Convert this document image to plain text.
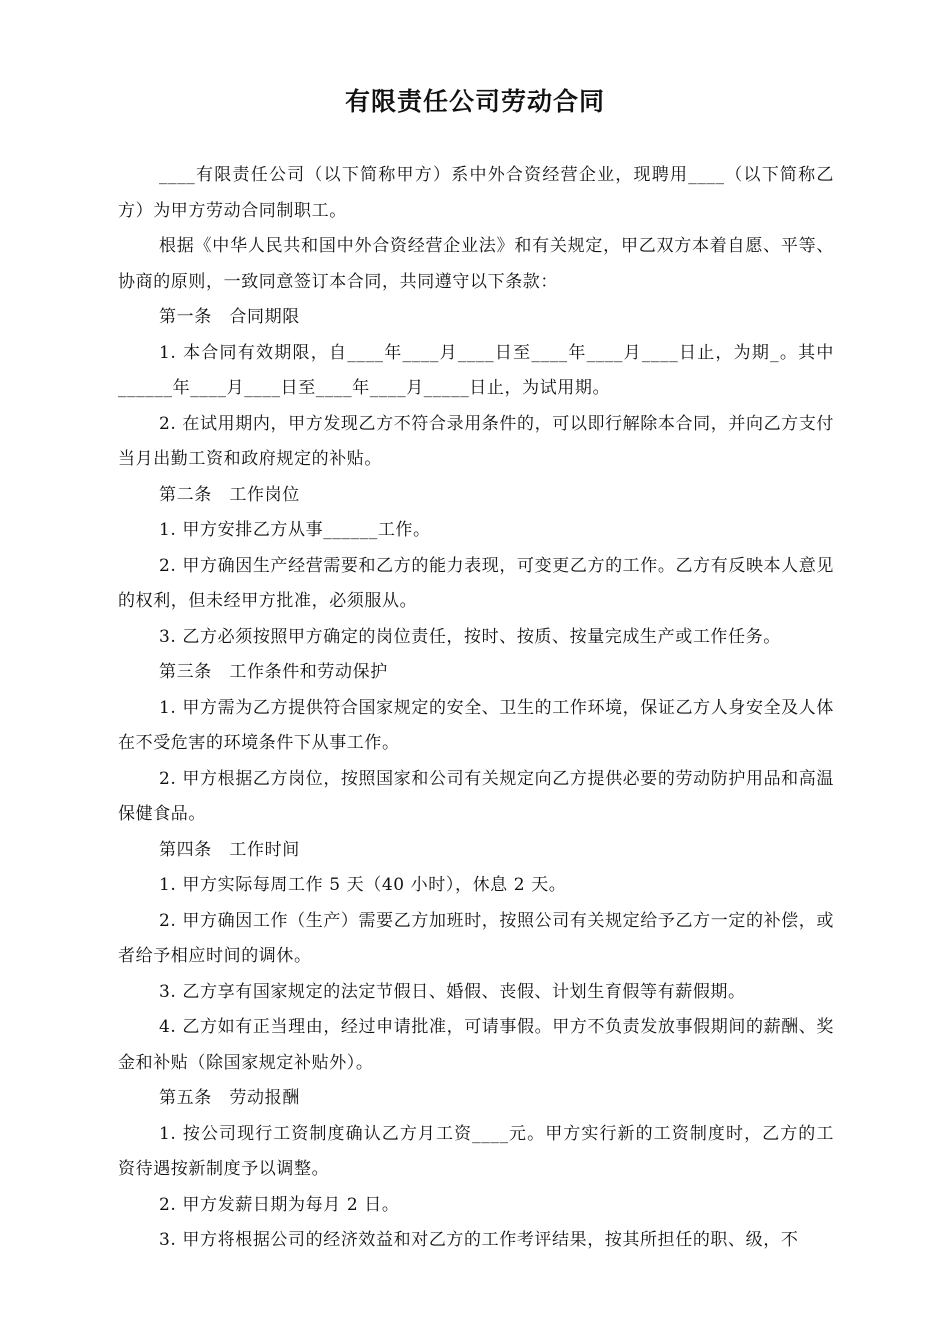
有限责任公司劳动合同

____有限责任公司（以下简称甲方）系中外合资经营企业，现聘用____（以下简称乙方）为甲方劳动合同制职工。

根据《中华人民共和国中外合资经营企业法》和有关规定，甲乙双方本着自愿、平等、协商的原则，一致同意签订本合同，共同遵守以下条款：

第一条　合同期限

1. 本合同有效期限，自____年____月____日至____年____月____日止，为期_。其中______年____月____日至____年____月_____日止，为试用期。

2. 在试用期内，甲方发现乙方不符合录用条件的，可以即行解除本合同，并向乙方支付当月出勤工资和政府规定的补贴。

第二条　工作岗位

1. 甲方安排乙方从事______工作。

2. 甲方确因生产经营需要和乙方的能力表现，可变更乙方的工作。乙方有反映本人意见的权利，但未经甲方批准，必须服从。

3. 乙方必须按照甲方确定的岗位责任，按时、按质、按量完成生产或工作任务。

第三条　工作条件和劳动保护

1. 甲方需为乙方提供符合国家规定的安全、卫生的工作环境，保证乙方人身安全及人体在不受危害的环境条件下从事工作。

2. 甲方根据乙方岗位，按照国家和公司有关规定向乙方提供必要的劳动防护用品和高温保健食品。

第四条　工作时间

1. 甲方实际每周工作 5 天（40 小时），休息 2 天。

2. 甲方确因工作（生产）需要乙方加班时，按照公司有关规定给予乙方一定的补偿，或者给予相应时间的调休。

3. 乙方享有国家规定的法定节假日、婚假、丧假、计划生育假等有薪假期。

4. 乙方如有正当理由，经过申请批准，可请事假。甲方不负责发放事假期间的薪酬、奖金和补贴（除国家规定补贴外）。

第五条　劳动报酬

1. 按公司现行工资制度确认乙方月工资____元。甲方实行新的工资制度时，乙方的工资待遇按新制度予以调整。

2. 甲方发薪日期为每月 2 日。

3. 甲方将根据公司的经济效益和对乙方的工作考评结果，按其所担任的职、级，不
